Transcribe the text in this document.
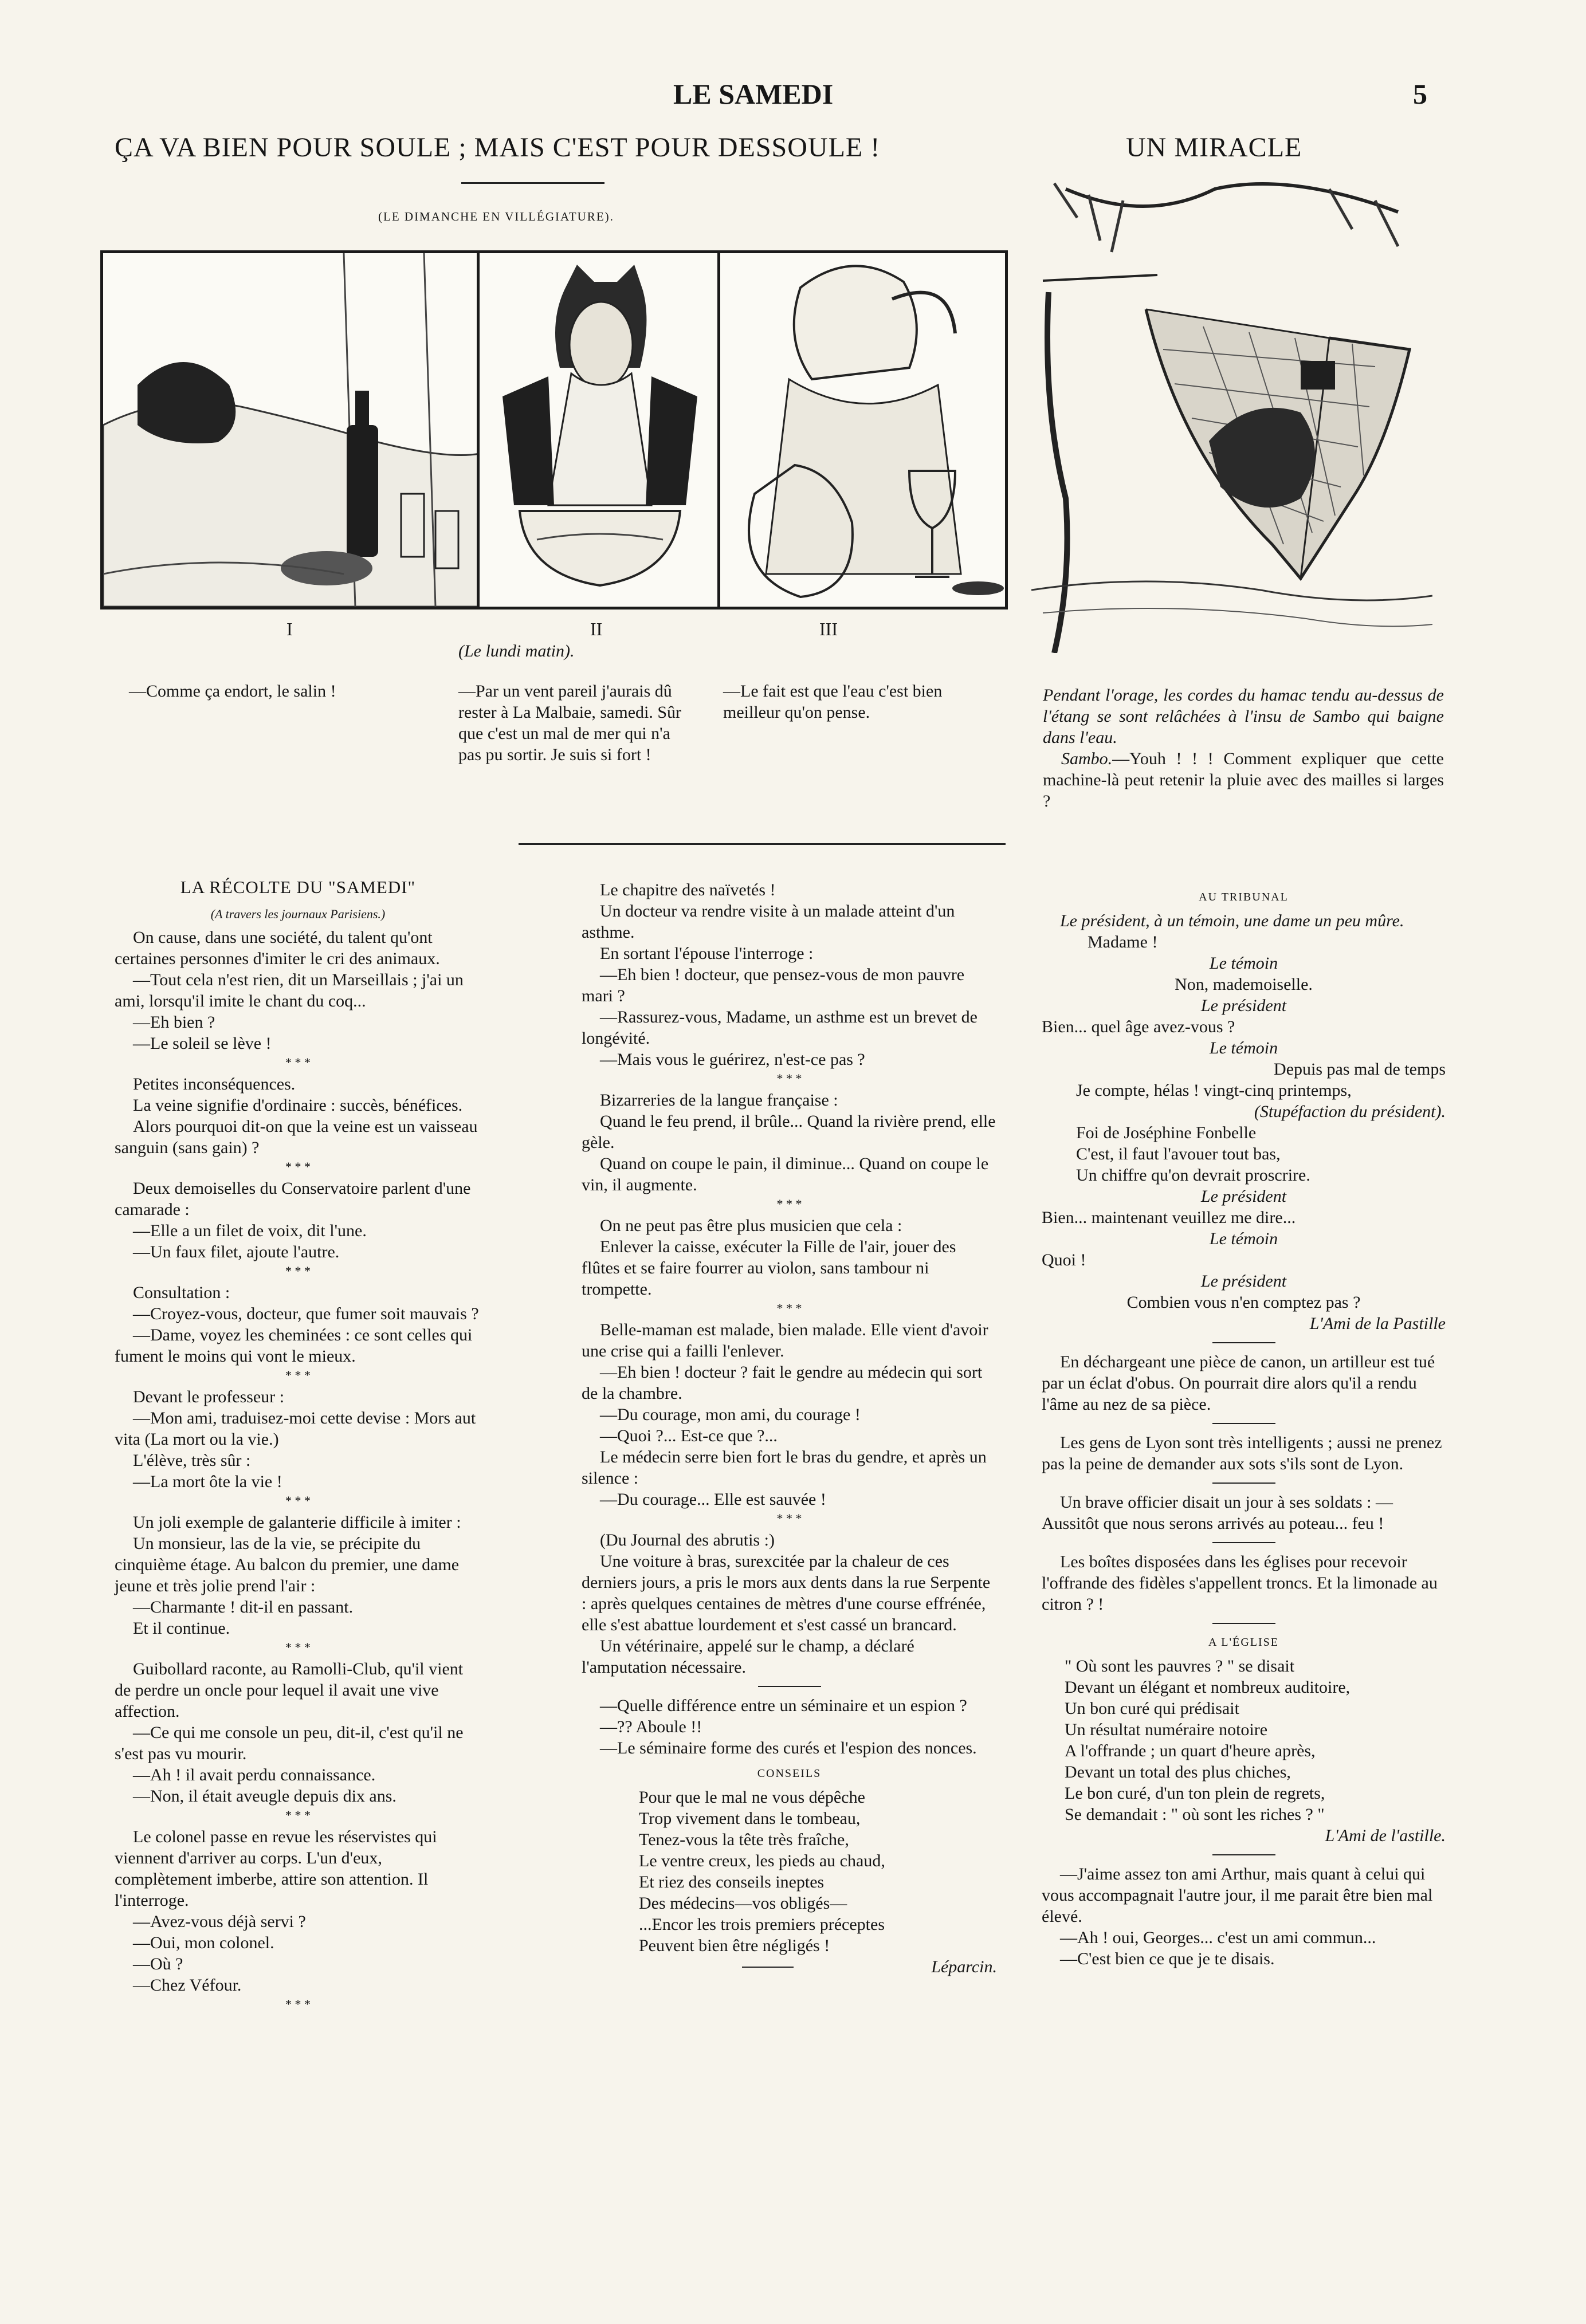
LE SAMEDI	5
ÇA VA BIEN POUR SOULE ; MAIS C'EST POUR DESSOULE !
(LE DIMANCHE EN VILLÉGIATURE).
I	II	III
(Le lundi matin).
—Comme ça endort, le salin !	—Par un vent pareil j'aurais dû rester à La Malbaie, samedi. Sûr que c'est un mal de mer qui n'a pas pu sortir. Je suis si fort !
—Le fait est que l'eau c'est bien meilleur qu'on pense.
UN MIRACLE
Pendant l'orage, les cordes du hamac tendu au-dessus de l'étang se sont relâchées à l'insu de Sambo qui baigne dans l'eau.
Sambo.—Youh ! ! ! Comment expliquer que cette machine-là peut retenir la pluie avec des mailles si larges ?
LA RÉCOLTE DU "SAMEDI"
(A travers les journaux Parisiens.)

On cause, dans une société, du talent qu'ont certaines personnes d'imiter le cri des animaux.

—Tout cela n'est rien, dit un Marseillais ; j'ai un ami, lorsqu'il imite le chant du coq...

—Eh bien ?

—Le soleil se lève !

* * *

Petites inconséquences.

La veine signifie d'ordinaire : succès, bénéfices.

Alors pourquoi dit-on que la veine est un vaisseau sanguin (sans gain) ?

* * *

Deux demoiselles du Conservatoire parlent d'une camarade :

—Elle a un filet de voix, dit l'une.

—Un faux filet, ajoute l'autre.

* * *

Consultation :

—Croyez-vous, docteur, que fumer soit mauvais ?

—Dame, voyez les cheminées : ce sont celles qui fument le moins qui vont le mieux.

* * *

Devant le professeur :

—Mon ami, traduisez-moi cette devise : Mors aut vita (La mort ou la vie.)

L'élève, très sûr :

—La mort ôte la vie !

* * *

Un joli exemple de galanterie difficile à imiter :

Un monsieur, las de la vie, se précipite du cinquième étage. Au balcon du premier, une dame jeune et très jolie prend l'air :

—Charmante ! dit-il en passant.

Et il continue.

* * *

Guibollard raconte, au Ramolli-Club, qu'il vient de perdre un oncle pour lequel il avait une vive affection.

—Ce qui me console un peu, dit-il, c'est qu'il ne s'est pas vu mourir.

—Ah ! il avait perdu connaissance.

—Non, il était aveugle depuis dix ans.

* * *

Le colonel passe en revue les réservistes qui viennent d'arriver au corps. L'un d'eux, complètement imberbe, attire son attention. Il l'interroge.

—Avez-vous déjà servi ?

—Oui, mon colonel.

—Où ?

—Chez Véfour.

* * *

Le chapitre des naïvetés !

Un docteur va rendre visite à un malade atteint d'un asthme.

En sortant l'épouse l'interroge :

—Eh bien ! docteur, que pensez-vous de mon pauvre mari ?

—Rassurez-vous, Madame, un asthme est un brevet de longévité.

—Mais vous le guérirez, n'est-ce pas ?

* * *

Bizarreries de la langue française :

Quand le feu prend, il brûle... Quand la rivière prend, elle gèle.

Quand on coupe le pain, il diminue... Quand on coupe le vin, il augmente.

* * *

On ne peut pas être plus musicien que cela :

Enlever la caisse, exécuter la Fille de l'air, jouer des flûtes et se faire fourrer au violon, sans tambour ni trompette.

* * *

Belle-maman est malade, bien malade. Elle vient d'avoir une crise qui a failli l'enlever.

—Eh bien ! docteur ? fait le gendre au médecin qui sort de la chambre.

—Du courage, mon ami, du courage !

—Quoi ?... Est-ce que ?...

Le médecin serre bien fort le bras du gendre, et après un silence :

—Du courage... Elle est sauvée !

* * *

(Du Journal des abrutis :)

Une voiture à bras, surexcitée par la chaleur de ces derniers jours, a pris le mors aux dents dans la rue Serpente : après quelques centaines de mètres d'une course effrénée, elle s'est abattue lourdement et s'est cassé un brancard.

Un vétérinaire, appelé sur le champ, a déclaré l'amputation nécessaire.

—Quelle différence entre un séminaire et un espion ?

—?? Aboule !!

—Le séminaire forme des curés et l'espion des nonces.

CONSEILS
Pour que le mal ne vous dépêche
Trop vivement dans le tombeau,
Tenez-vous la tête très fraîche,
Le ventre creux, les pieds au chaud,
Et riez des conseils ineptes
Des médecins—vos obligés—
...Encor les trois premiers préceptes
Peuvent bien être négligés !
Léparcin.
AU TRIBUNAL

Le président, à un témoin, une dame un peu mûre.

Madame !

Le témoin

Non, mademoiselle.

Le président

Bien... quel âge avez-vous ?

Le témoin

Depuis pas mal de temps

Je compte, hélas ! vingt-cinq printemps,

(Stupéfaction du président).

Foi de Joséphine Fonbelle

C'est, il faut l'avouer tout bas,

Un chiffre qu'on devrait proscrire.

Le président

Bien... maintenant veuillez me dire...

Le témoin

Quoi !

Le président

Combien vous n'en comptez pas ?

L'Ami de la Pastille

En déchargeant une pièce de canon, un artilleur est tué par un éclat d'obus. On pourrait dire alors qu'il a rendu l'âme au nez de sa pièce.

Les gens de Lyon sont très intelligents ; aussi ne prenez pas la peine de demander aux sots s'ils sont de Lyon.

Un brave officier disait un jour à ses soldats : —Aussitôt que nous serons arrivés au poteau... feu !

Les boîtes disposées dans les églises pour recevoir l'offrande des fidèles s'appellent troncs. Et la limonade au citron ? !

A L'ÉGLISE
" Où sont les pauvres ? " se disait
Devant un élégant et nombreux auditoire,
Un bon curé qui prédisait
Un résultat numéraire notoire
A l'offrande ; un quart d'heure après,
Devant un total des plus chiches,
Le bon curé, d'un ton plein de regrets,
Se demandait : " où sont les riches ? "
L'Ami de l'astille.

—J'aime assez ton ami Arthur, mais quant à celui qui vous accompagnait l'autre jour, il me parait être bien mal élevé.

—Ah ! oui, Georges... c'est un ami commun...

—C'est bien ce que je te disais.
